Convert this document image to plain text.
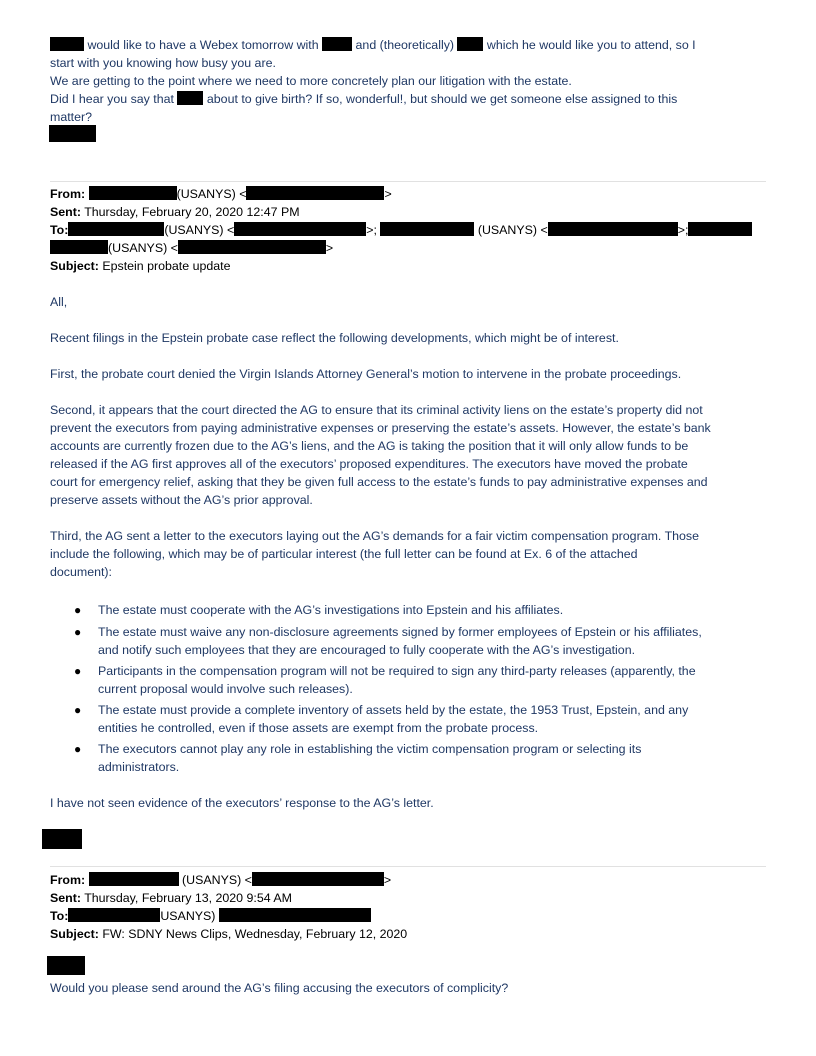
would like to have a Webex tomorrow with	and (theoretically)	which he would like you to attend, so I
start with you knowing how busy you are.
We are getting to the point where we need to more concretely plan our litigation with the estate.
Did I hear you say that	about to give birth? If so, wonderful!, but should we get someone else assigned to this
matter?
From:	(USANYS) <	>
Sent: Thursday, February 20, 2020 12:47 PM
To:	(USANYS) <	>;	(USANYS) <	>;
(USANYS) <	>
Subject: Epstein probate update
All,
Recent filings in the Epstein probate case reflect the following developments, which might be of interest.
First, the probate court denied the Virgin Islands Attorney General’s motion to intervene in the probate proceedings.
Second, it appears that the court directed the AG to ensure that its criminal activity liens on the estate’s property did not
prevent the executors from paying administrative expenses or preserving the estate’s assets. However, the estate’s bank
accounts are currently frozen due to the AG’s liens, and the AG is taking the position that it will only allow funds to be
released if the AG first approves all of the executors’ proposed expenditures. The executors have moved the probate
court for emergency relief, asking that they be given full access to the estate’s funds to pay administrative expenses and
preserve assets without the AG’s prior approval.
Third, the AG sent a letter to the executors laying out the AG’s demands for a fair victim compensation program. Those
include the following, which may be of particular interest (the full letter can be found at Ex. 6 of the attached
document):
● The estate must cooperate with the AG’s investigations into Epstein and his affiliates.
● The estate must waive any non-disclosure agreements signed by former employees of Epstein or his affiliates,
and notify such employees that they are encouraged to fully cooperate with the AG’s investigation.
● Participants in the compensation program will not be required to sign any third-party releases (apparently, the
current proposal would involve such releases).
● The estate must provide a complete inventory of assets held by the estate, the 1953 Trust, Epstein, and any
entities he controlled, even if those assets are exempt from the probate process.
● The executors cannot play any role in establishing the victim compensation program or selecting its
administrators.
I have not seen evidence of the executors’ response to the AG’s letter.
From:	(USANYS) <	>
Sent: Thursday, February 13, 2020 9:54 AM
To:	USANYS)
Subject: FW: SDNY News Clips, Wednesday, February 12, 2020
Would you please send around the AG’s filing accusing the executors of complicity?
